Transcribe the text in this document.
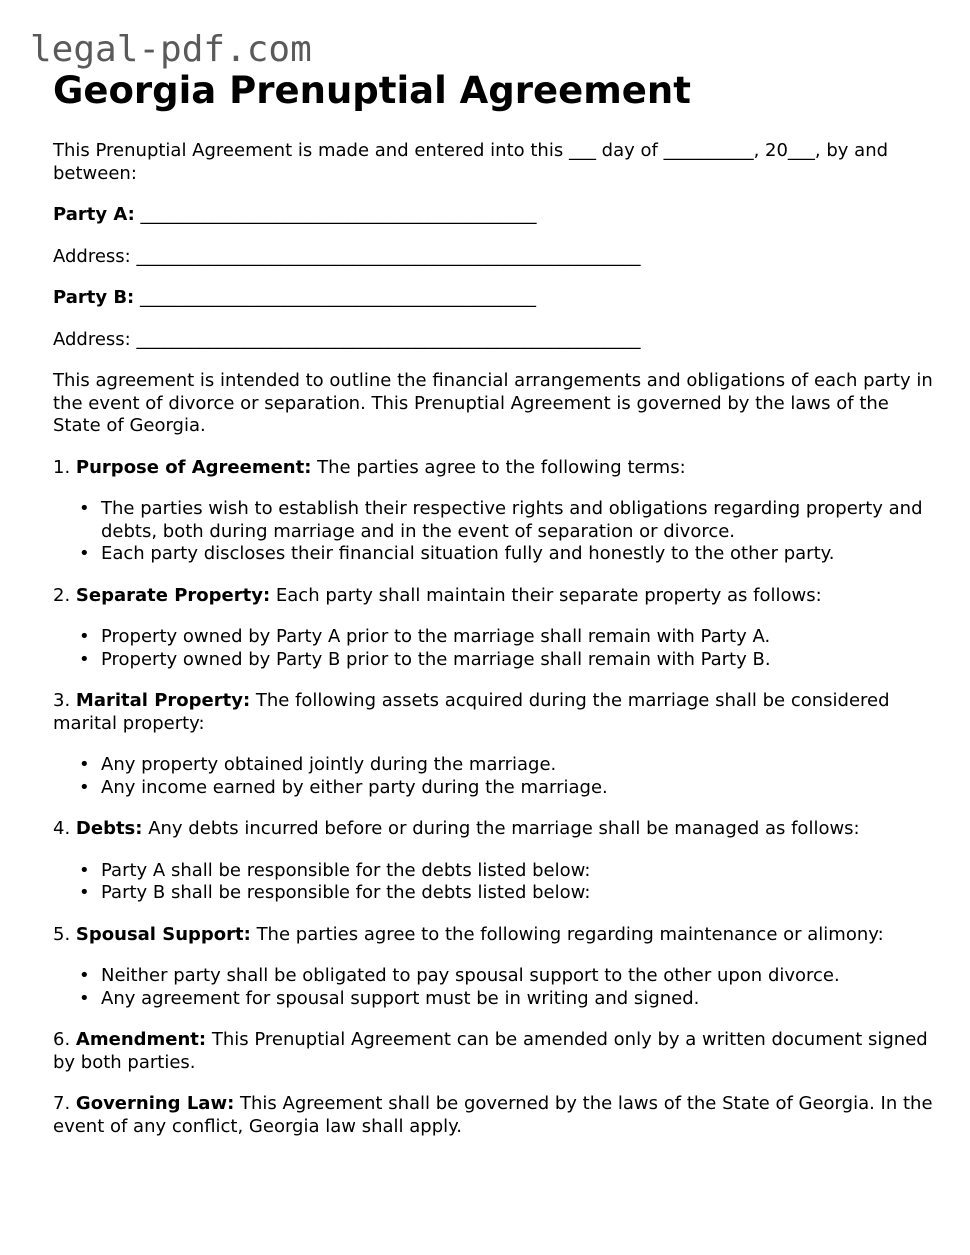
legal-pdf.com
Georgia Prenuptial Agreement

This Prenuptial Agreement is made and entered into this ___ day of __________, 20___, by and between:

Party A: ____________________________________________

Address: ________________________________________________________

Party B: ____________________________________________

Address: ________________________________________________________

This agreement is intended to outline the financial arrangements and obligations of each party in the event of divorce or separation. This Prenuptial Agreement is governed by the laws of the State of Georgia.

1. Purpose of Agreement: The parties agree to the following terms:

• The parties wish to establish their respective rights and obligations regarding property and debts, both during marriage and in the event of separation or divorce.
• Each party discloses their financial situation fully and honestly to the other party.

2. Separate Property: Each party shall maintain their separate property as follows:

• Property owned by Party A prior to the marriage shall remain with Party A.
• Property owned by Party B prior to the marriage shall remain with Party B.

3. Marital Property: The following assets acquired during the marriage shall be considered marital property:

• Any property obtained jointly during the marriage.
• Any income earned by either party during the marriage.

4. Debts: Any debts incurred before or during the marriage shall be managed as follows:

• Party A shall be responsible for the debts listed below:
• Party B shall be responsible for the debts listed below:

5. Spousal Support: The parties agree to the following regarding maintenance or alimony:

• Neither party shall be obligated to pay spousal support to the other upon divorce.
• Any agreement for spousal support must be in writing and signed.

6. Amendment: This Prenuptial Agreement can be amended only by a written document signed by both parties.

7. Governing Law: This Agreement shall be governed by the laws of the State of Georgia. In the event of any conflict, Georgia law shall apply.
